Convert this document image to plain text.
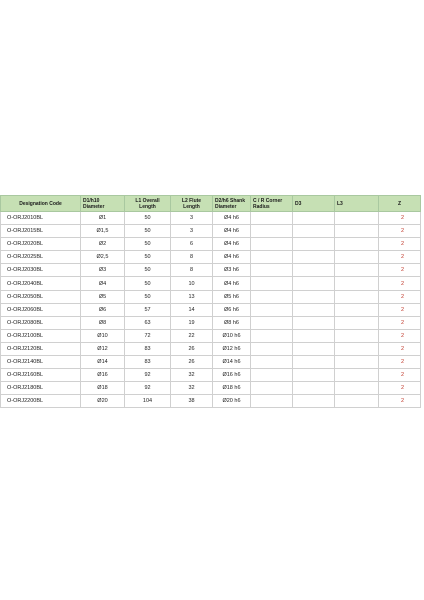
Designation Code	D1/h10 Diameter	L1 Overall Length	L2 Flute Length	D2/h6 Shank Diameter	C / R Corner Radius	D3	L3	Z
O-ORJ2010BL	Ø1	50	3	Ø4 h6				2
O-ORJ2015BL	Ø1,5	50	3	Ø4 h6				2
O-ORJ2020BL	Ø2	50	6	Ø4 h6				2
O-ORJ2025BL	Ø2,5	50	8	Ø4 h6				2
O-ORJ2030BL	Ø3	50	8	Ø3 h6				2
O-ORJ2040BL	Ø4	50	10	Ø4 h6				2
O-ORJ2050BL	Ø5	50	13	Ø5 h6				2
O-ORJ2060BL	Ø6	57	14	Ø6 h6				2
O-ORJ2080BL	Ø8	63	19	Ø8 h6				2
O-ORJ2100BL	Ø10	72	22	Ø10 h6				2
O-ORJ2120BL	Ø12	83	26	Ø12 h6				2
O-ORJ2140BL	Ø14	83	26	Ø14 h6				2
O-ORJ2160BL	Ø16	92	32	Ø16 h6				2
O-ORJ2180BL	Ø18	92	32	Ø18 h6				2
O-ORJ2200BL	Ø20	104	38	Ø20 h6				2
